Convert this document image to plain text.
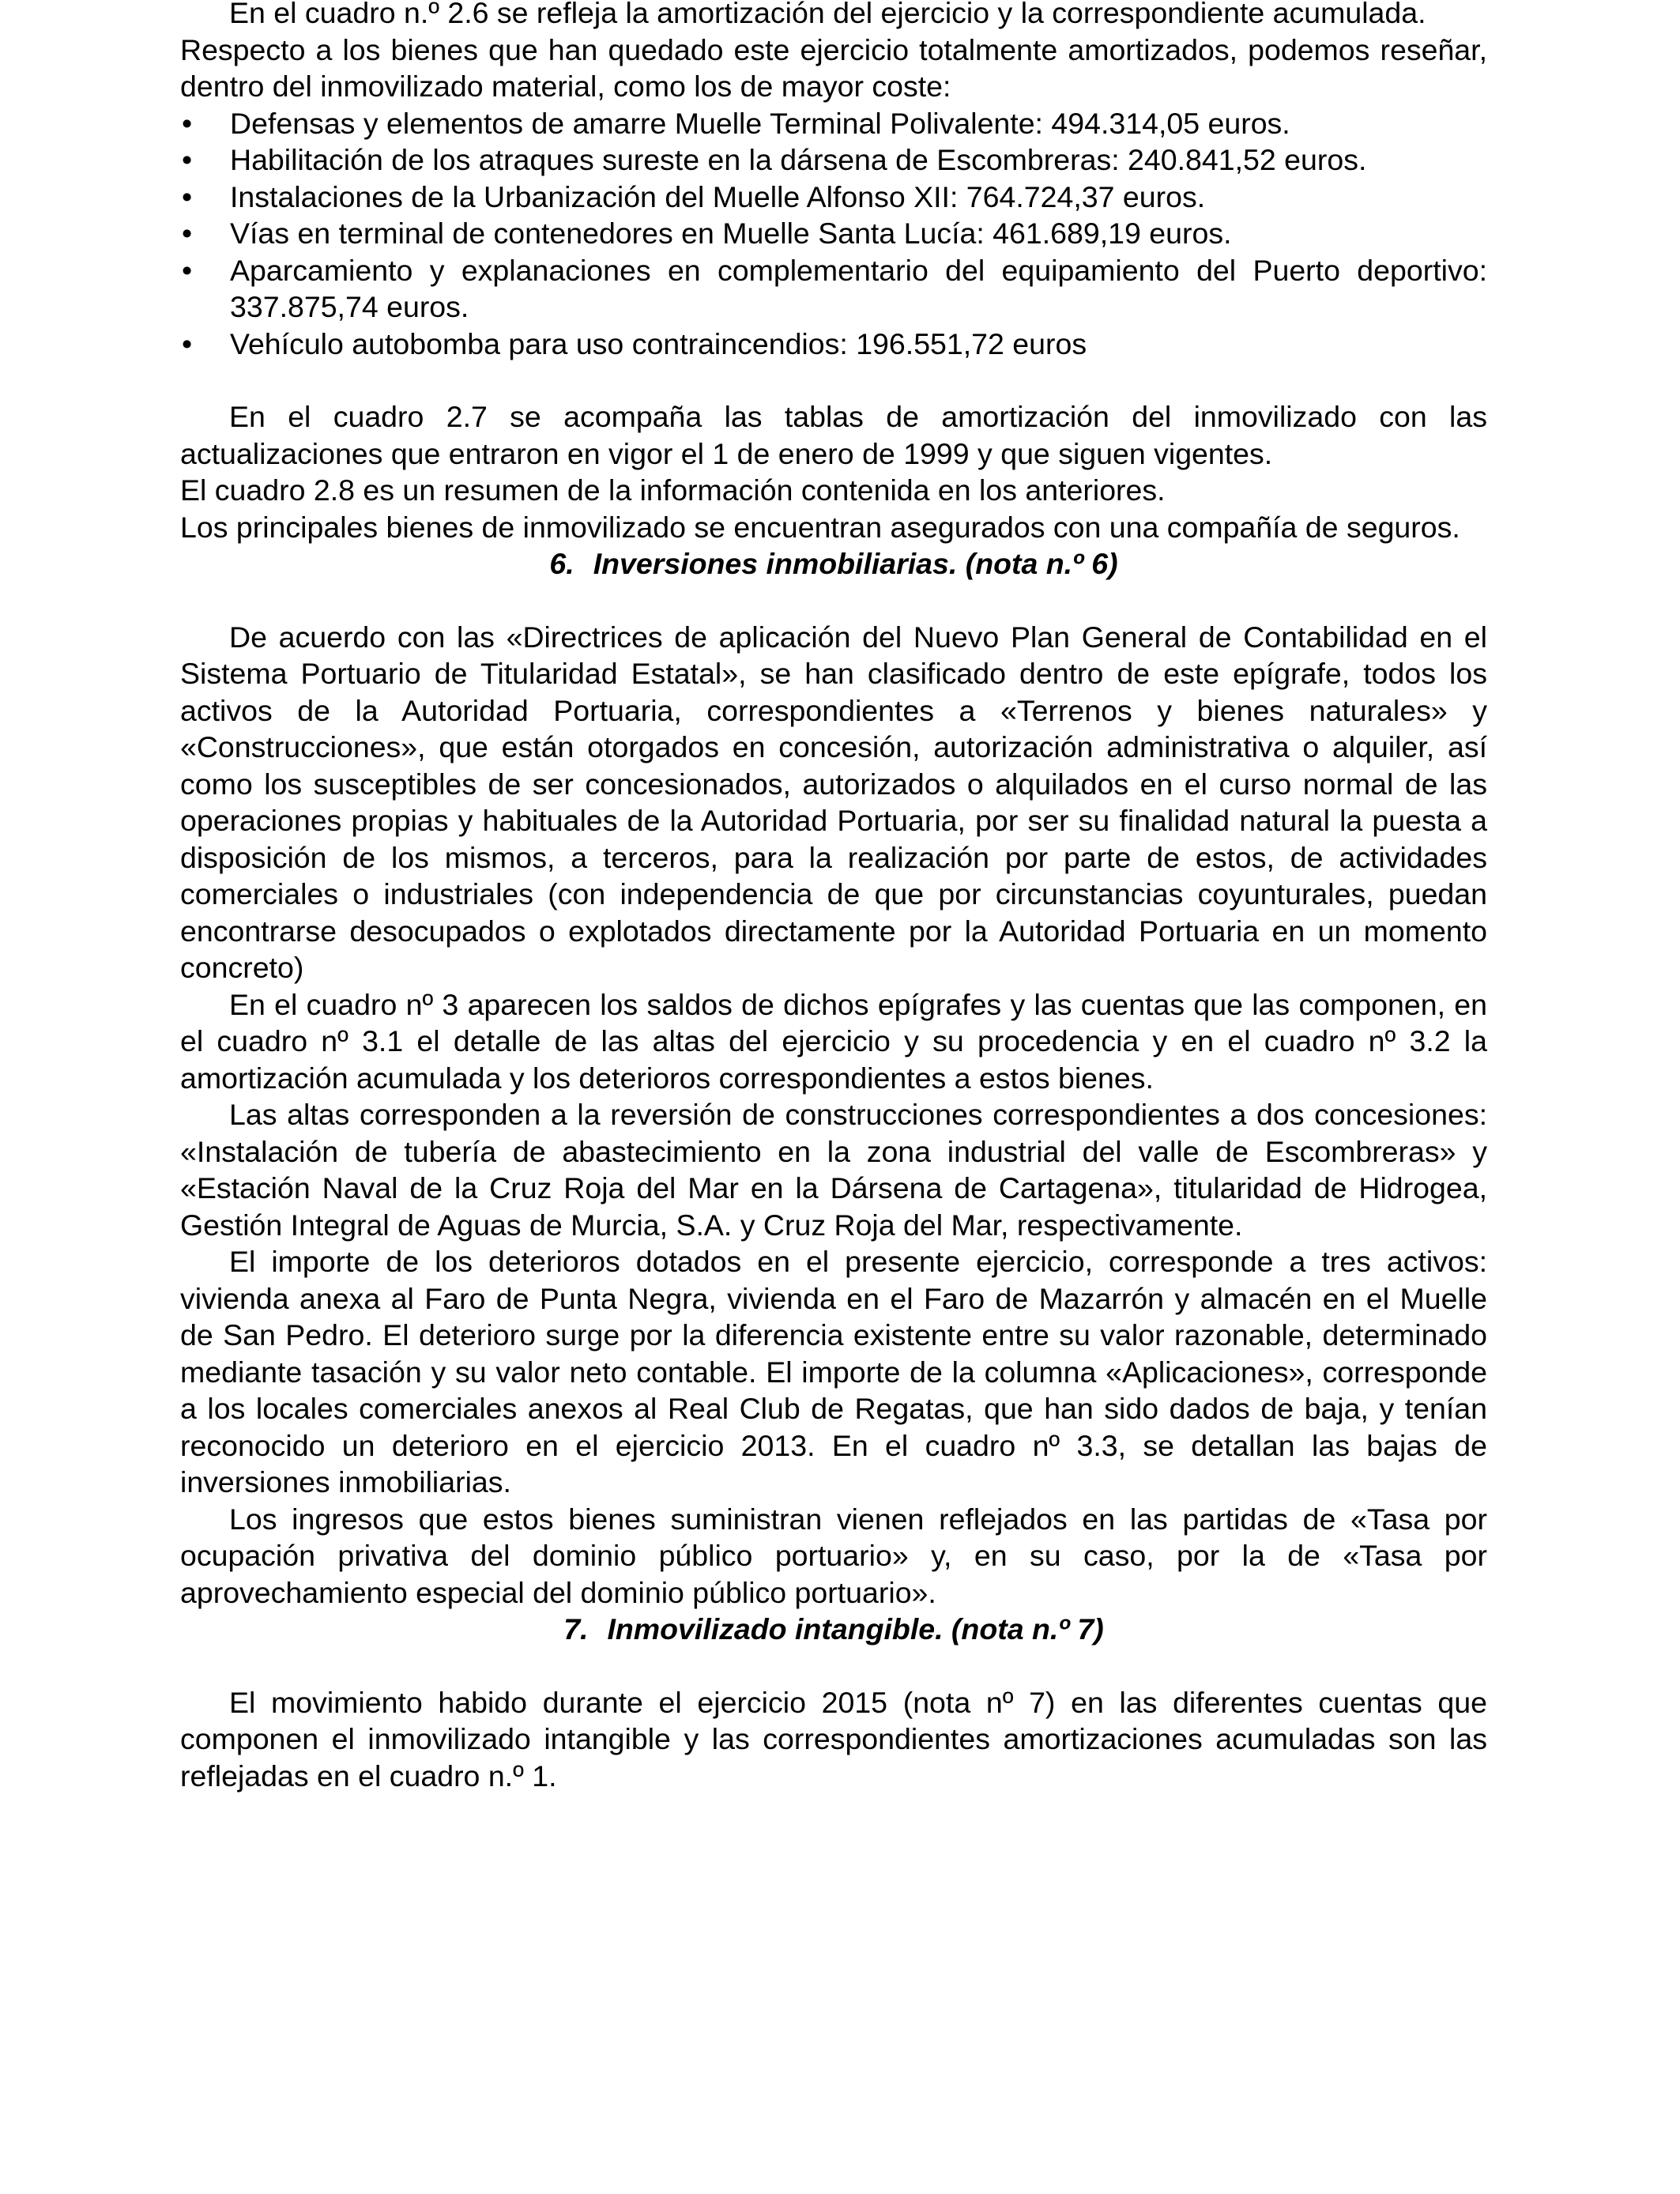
En el cuadro n.º 2.6 se refleja la amortización del ejercicio y la correspondiente acumulada.

Respecto a los bienes que han quedado este ejercicio totalmente amortizados, podemos reseñar, dentro del inmovilizado material, como los de mayor coste:

• Defensas y elementos de amarre Muelle Terminal Polivalente: 494.314,05 euros.
• Habilitación de los atraques sureste en la dársena de Escombreras: 240.841,52 euros.
• Instalaciones de la Urbanización del Muelle Alfonso XII: 764.724,37 euros.
• Vías en terminal de contenedores en Muelle Santa Lucía: 461.689,19 euros.
• Aparcamiento y explanaciones en complementario del equipamiento del Puerto deportivo: 337.875,74 euros.
• Vehículo autobomba para uso contraincendios: 196.551,72 euros

En el cuadro 2.7 se acompaña las tablas de amortización del inmovilizado con las actualizaciones que entraron en vigor el 1 de enero de 1999 y que siguen vigentes.

El cuadro 2.8 es un resumen de la información contenida en los anteriores.

Los principales bienes de inmovilizado se encuentran asegurados con una compañía de seguros.

6. Inversiones inmobiliarias. (nota n.º 6)

De acuerdo con las «Directrices de aplicación del Nuevo Plan General de Contabilidad en el Sistema Portuario de Titularidad Estatal», se han clasificado dentro de este epígrafe, todos los activos de la Autoridad Portuaria, correspondientes a «Terrenos y bienes naturales» y «Construcciones», que están otorgados en concesión, autorización administrativa o alquiler, así como los susceptibles de ser concesionados, autorizados o alquilados en el curso normal de las operaciones propias y habituales de la Autoridad Portuaria, por ser su finalidad natural la puesta a disposición de los mismos, a terceros, para la realización por parte de estos, de actividades comerciales o industriales (con independencia de que por circunstancias coyunturales, puedan encontrarse desocupados o explotados directamente por la Autoridad Portuaria en un momento concreto)

En el cuadro nº 3 aparecen los saldos de dichos epígrafes y las cuentas que las componen, en el cuadro nº 3.1 el detalle de las altas del ejercicio y su procedencia y en el cuadro nº 3.2 la amortización acumulada y los deterioros correspondientes a estos bienes.

Las altas corresponden a la reversión de construcciones correspondientes a dos concesiones: «Instalación de tubería de abastecimiento en la zona industrial del valle de Escombreras» y «Estación Naval de la Cruz Roja del Mar en la Dársena de Cartagena», titularidad de Hidrogea, Gestión Integral de Aguas de Murcia, S.A. y Cruz Roja del Mar, respectivamente.

El importe de los deterioros dotados en el presente ejercicio, corresponde a tres activos: vivienda anexa al Faro de Punta Negra, vivienda en el Faro de Mazarrón y almacén en el Muelle de San Pedro. El deterioro surge por la diferencia existente entre su valor razonable, determinado mediante tasación y su valor neto contable. El importe de la columna «Aplicaciones», corresponde a los locales comerciales anexos al Real Club de Regatas, que han sido dados de baja, y tenían reconocido un deterioro en el ejercicio 2013. En el cuadro nº 3.3, se detallan las bajas de inversiones inmobiliarias.

Los ingresos que estos bienes suministran vienen reflejados en las partidas de «Tasa por ocupación privativa del dominio público portuario» y, en su caso, por la de «Tasa por aprovechamiento especial del dominio público portuario».

7. Inmovilizado intangible. (nota n.º 7)

El movimiento habido durante el ejercicio 2015 (nota nº 7) en las diferentes cuentas que componen el inmovilizado intangible y las correspondientes amortizaciones acumuladas son las reflejadas en el cuadro n.º 1.
